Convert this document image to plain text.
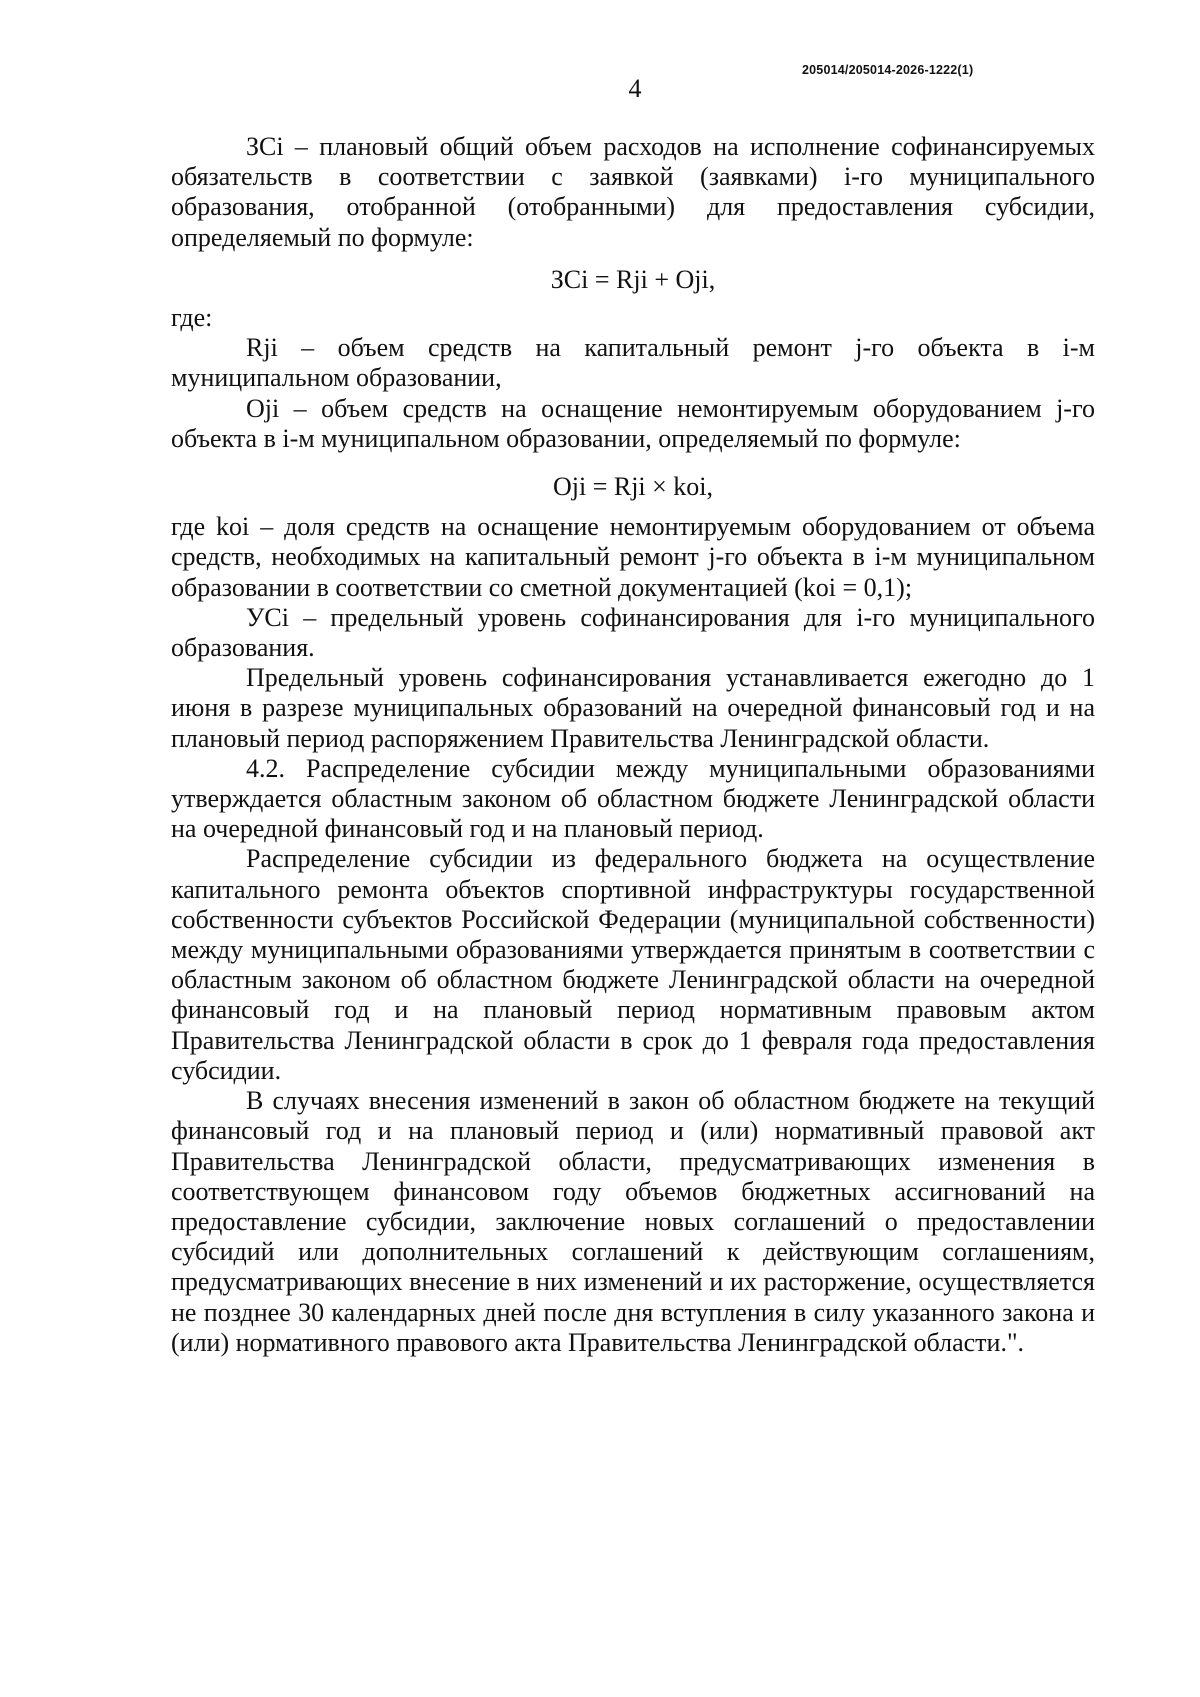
205014/205014-2026-1222(1)
4

ЗСi – плановый общий объем расходов на исполнение софинансируемых обязательств в соответствии с заявкой (заявками) i-го муниципального образования, отобранной (отобранными) для предоставления субсидии, определяемый по формуле:

ЗСi = Rji + Оji,

где:

Rji – объем средств на капитальный ремонт j-го объекта в i-м муниципальном образовании,

Оji – объем средств на оснащение немонтируемым оборудованием j-го объекта в i-м муниципальном образовании, определяемый по формуле:

Оji = Rji × koi,

где koi – доля средств на оснащение немонтируемым оборудованием от объема средств, необходимых на капитальный ремонт j-го объекта в i-м муниципальном образовании в соответствии со сметной документацией (koi = 0,1);

УСi – предельный уровень софинансирования для i-го муниципального образования.

Предельный уровень софинансирования устанавливается ежегодно до 1 июня в разрезе муниципальных образований на очередной финансовый год и на плановый период распоряжением Правительства Ленинградской области.

4.2. Распределение субсидии между муниципальными образованиями утверждается областным законом об областном бюджете Ленинградской области на очередной финансовый год и на плановый период.

Распределение субсидии из федерального бюджета на осуществление капитального ремонта объектов спортивной инфраструктуры государственной собственности субъектов Российской Федерации (муниципальной собственности) между муниципальными образованиями утверждается принятым в соответствии с областным законом об областном бюджете Ленинградской области на очередной финансовый год и на плановый период нормативным правовым актом Правительства Ленинградской области в срок до 1 февраля года предоставления субсидии.

В случаях внесения изменений в закон об областном бюджете на текущий финансовый год и на плановый период и (или) нормативный правовой акт Правительства Ленинградской области, предусматривающих изменения в соответствующем финансовом году объемов бюджетных ассигнований на предоставление субсидии, заключение новых соглашений о предоставлении субсидий или дополнительных соглашений к действующим соглашениям, предусматривающих внесение в них изменений и их расторжение, осуществляется не позднее 30 календарных дней после дня вступления в силу указанного закона и (или) нормативного правового акта Правительства Ленинградской области.".
